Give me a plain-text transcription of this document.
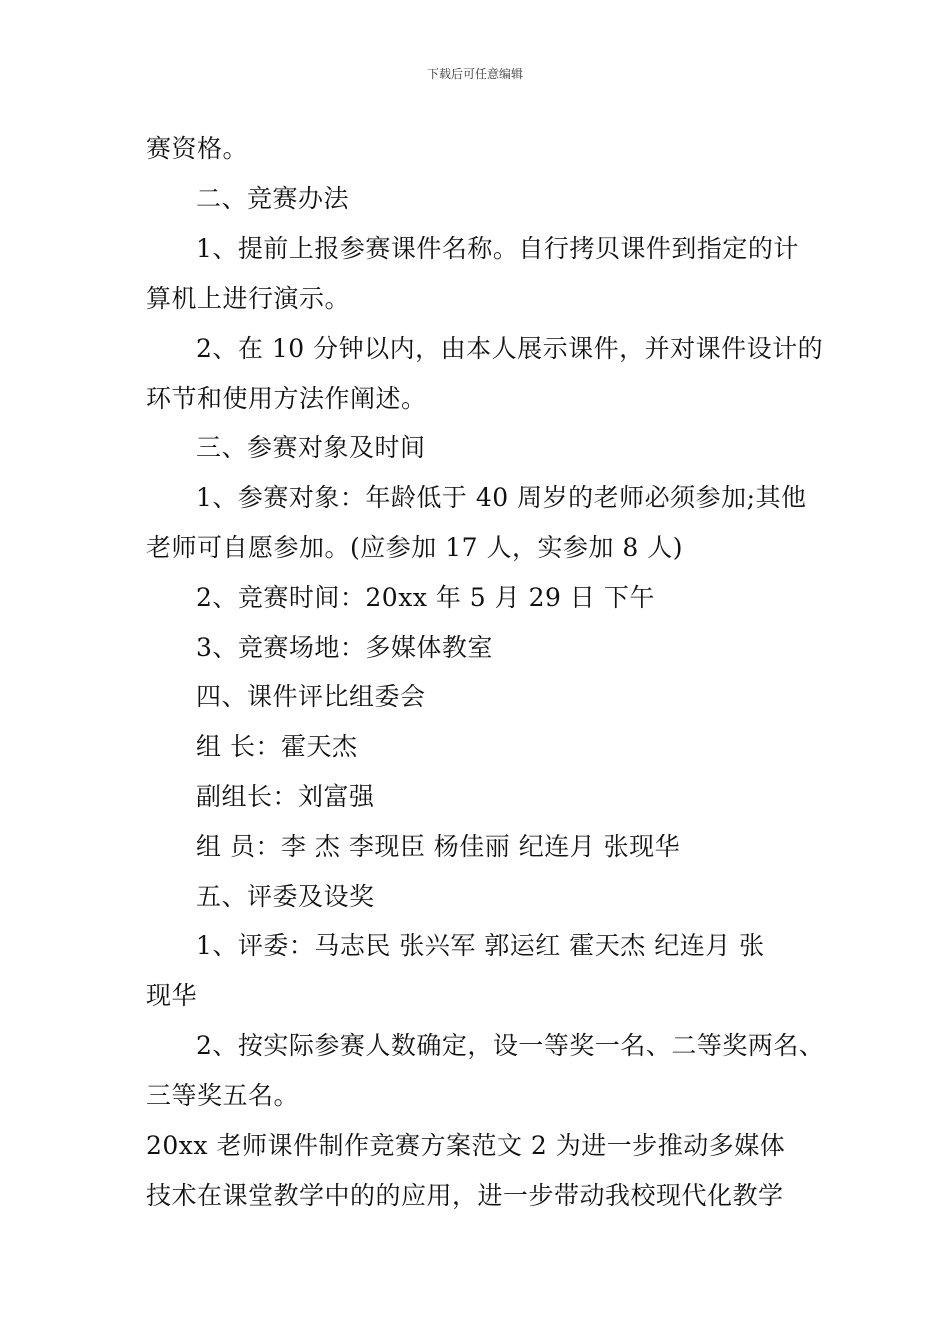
下载后可任意编辑
赛资格。
二、竞赛办法
1、提前上报参赛课件名称。自行拷贝课件到指定的计
算机上进行演示。
2、在 10 分钟以内，由本人展示课件，并对课件设计的
环节和使用方法作阐述。
三、参赛对象及时间
1、参赛对象：年龄低于 40 周岁的老师必须参加;其他
老师可自愿参加。(应参加 17 人，实参加 8 人)
2、竞赛时间：20xx 年 5 月 29 日 下午
3、竞赛场地：多媒体教室
四、课件评比组委会
组 长：霍天杰
副组长：刘富强
组 员：李 杰 李现臣 杨佳丽 纪连月 张现华
五、评委及设奖
1、评委：马志民 张兴军 郭运红 霍天杰 纪连月 张
现华
2、按实际参赛人数确定，设一等奖一名、二等奖两名、
三等奖五名。
20xx 老师课件制作竞赛方案范文 2 为进一步推动多媒体
技术在课堂教学中的的应用，进一步带动我校现代化教学
